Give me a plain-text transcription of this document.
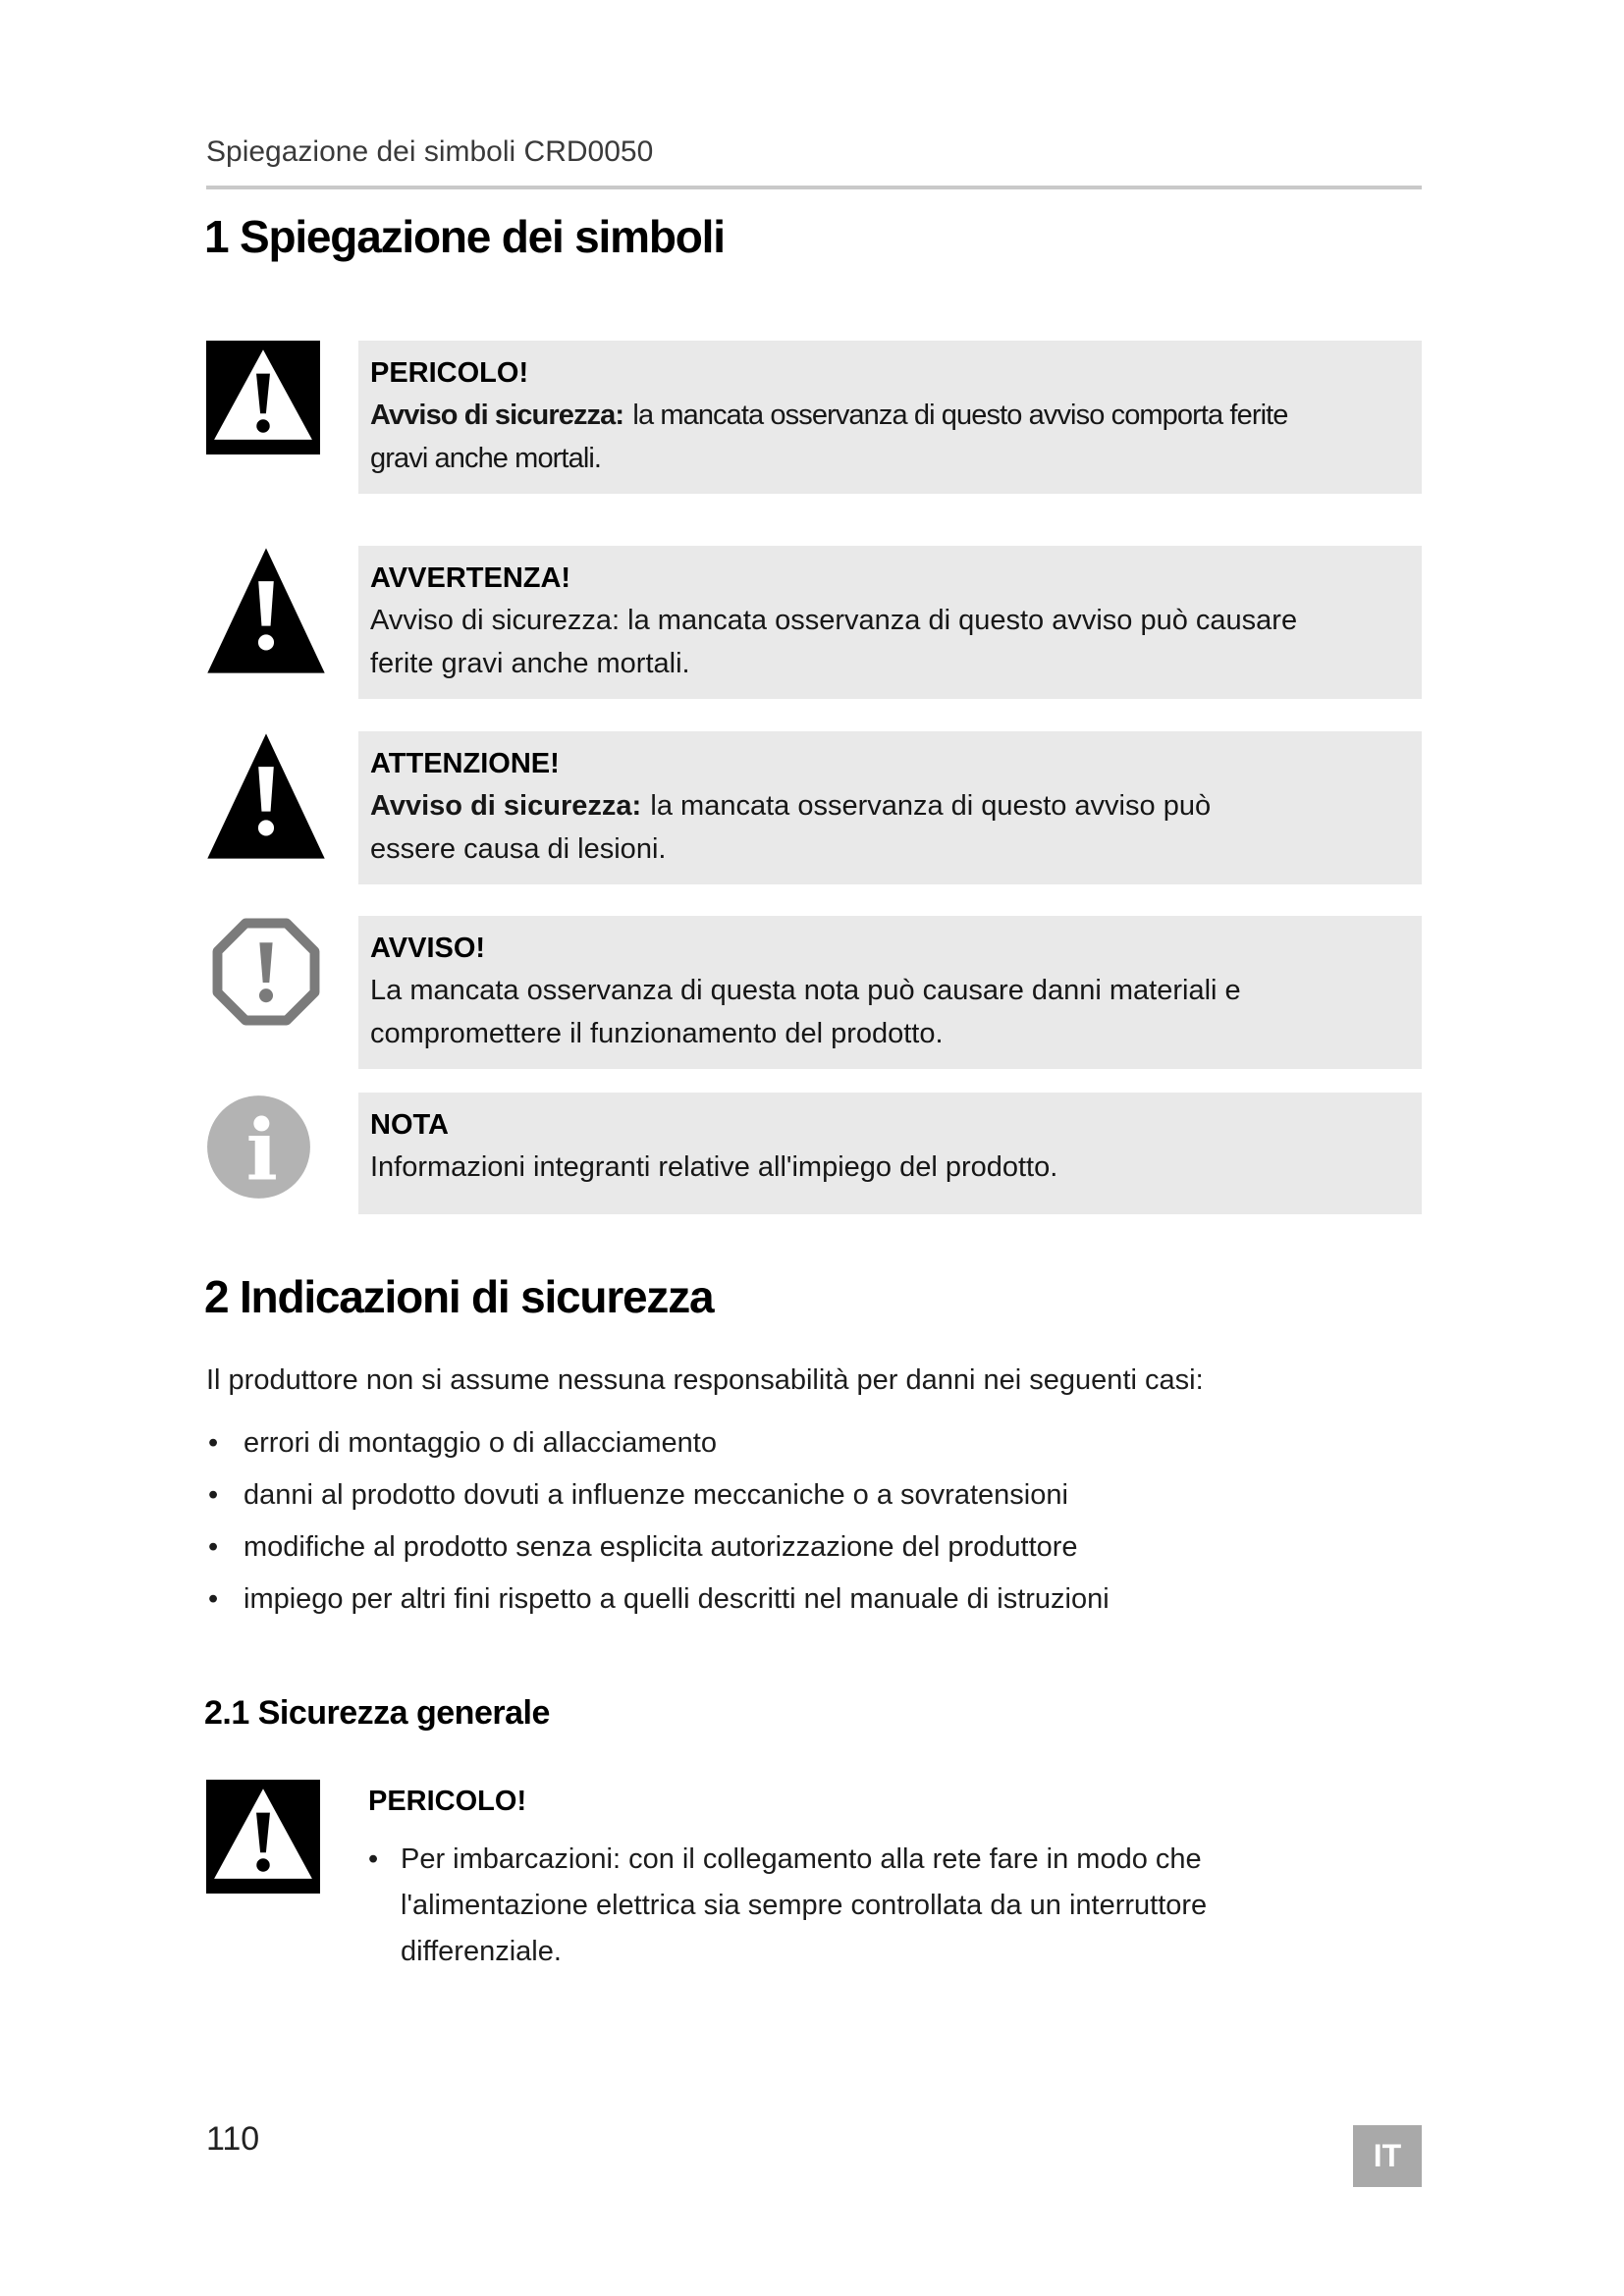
Spiegazione dei simboli CRD0050
1 Spiegazione dei simboli
PERICOLO!
Avviso di sicurezza: la mancata osservanza di questo avviso comporta ferite gravi anche mortali.
AVVERTENZA!
Avviso di sicurezza: la mancata osservanza di questo avviso può causare ferite gravi anche mortali.
ATTENZIONE!
Avviso di sicurezza: la mancata osservanza di questo avviso può essere causa di lesioni.
AVVISO!
La mancata osservanza di questa nota può causare danni materiali e compromettere il funzionamento del prodotto.
i	NOTA
Informazioni integranti relative all'impiego del prodotto.
2 Indicazioni di sicurezza
Il produttore non si assume nessuna responsabilità per danni nei seguenti casi:
• errori di montaggio o di allacciamento
• danni al prodotto dovuti a influenze meccaniche o a sovratensioni
• modifiche al prodotto senza esplicita autorizzazione del produttore
• impiego per altri fini rispetto a quelli descritti nel manuale di istruzioni
2.1 Sicurezza generale
PERICOLO!
• Per imbarcazioni: con il collegamento alla rete fare in modo che l'alimentazione elettrica sia sempre controllata da un interruttore differenziale.
110	IT
